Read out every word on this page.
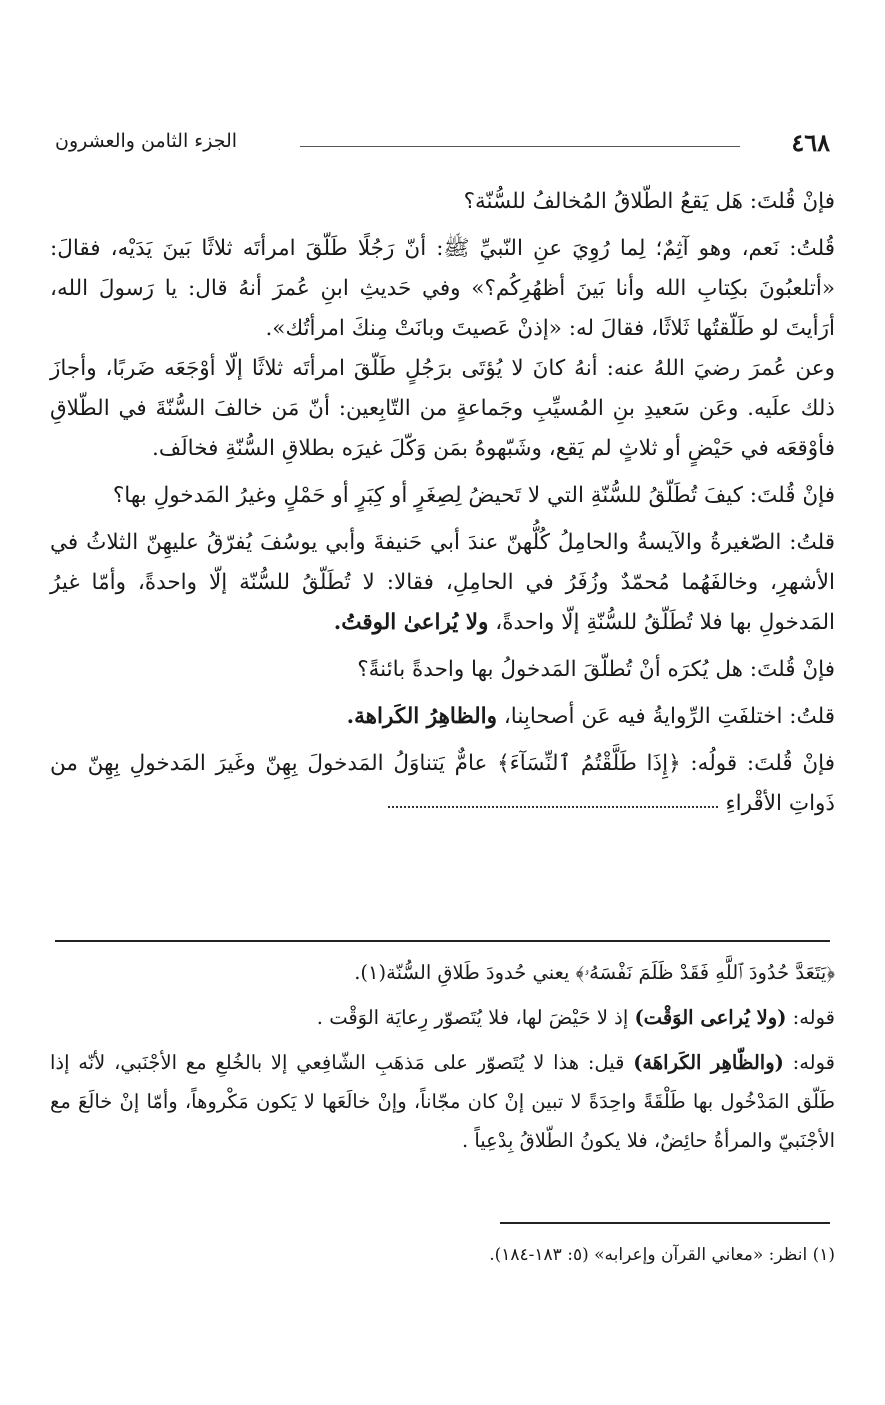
٤٦٨
الجزء الثامن والعشرون

فإنْ قُلتَ: هَل يَقعُ الطّلاقُ المُخالفُ للسُّنّة؟

قُلتُ: نَعم، وهو آثِمٌ؛ لِما رُوِيَ عنِ النّبيِّ ﷺ: أنّ رَجُلًا طَلّقَ امرأتَه ثلاثًا بَينَ يَدَيْه، فقالَ: «أتلعبُونَ بكِتابِ الله وأنا بَينَ أظهُرِكُم؟» وفي حَديثِ ابنِ عُمرَ أنهُ قال: يا رَسولَ الله، أرَأيتَ لو طَلّقتُها ثَلاثًا، فقالَ له: «إذنْ عَصيتَ وبانَتْ مِنكَ امرأتُك».

وعن عُمرَ رضيَ اللهُ عنه: أنهُ كانَ لا يُؤتَى برَجُلٍ طَلّقَ امرأتَه ثلاثًا إلّا أوْجَعَه ضَربًا، وأجازَ ذلك علَيه. وعَن سَعيدِ بنِ المُسيِّبِ وجَماعةٍ من التّابِعين: أنّ مَن خالفَ السُّنّةَ في الطّلاقِ فأوْقعَه في حَيْضٍ أو ثلاثٍ لم يَقع، وشَبّهوهُ بمَن وَكّلَ غيرَه بطلاقِ السُّنّةِ فخالَف.

فإنْ قُلتَ: كيفَ تُطَلّقُ للسُّنّةِ التي لا تَحيضُ لِصِغَرٍ أو كِبَرٍ أو حَمْلٍ وغيرُ المَدخولِ بها؟

قلتُ: الصّغيرةُ والآيسةُ والحامِلُ كُلُّهنّ عندَ أبي حَنيفةَ وأبي يوسُفَ يُفرّقُ عليهِنّ الثلاثُ في الأشهرِ، وخالفَهُما مُحمّدٌ وزُفَرُ في الحامِلِ، فقالا: لا تُطَلّقُ للسُّنّة إلّا واحدةً، وأمّا غيرُ المَدخولِ بها فلا تُطَلّقُ للسُّنّةِ إلّا واحدةً، ولا يُراعىٰ الوقتُ.

فإنْ قُلتَ: هل يُكرَه أنْ تُطلّقَ المَدخولُ بها واحدةً بائنةً؟

قلتُ: اختلفَتِ الرِّوايةُ فيه عَن أصحابِنا، والظاهِرُ الكَراهة.

فإنْ قُلتَ: قولُه: ﴿إِذَا طَلَّقْتُمُ ٱلنِّسَآءَ﴾ عامٌّ يَتناوَلُ المَدخولَ بِهِنّ وغَيرَ المَدخولِ بِهِنّ من ذَواتِ الأقْراءِ

﴿يَتَعَدَّ حُدُودَ ٱللَّهِ فَقَدْ ظَلَمَ نَفْسَهُۥ﴾ يعني حُدودَ طَلاقِ السُّنّة(١).

قوله: (ولا يُراعى الوَقْت) إذ لا حَيْضَ لها، فلا يُتَصوّر رِعايَة الوَقْت .

قوله: (والظّاهِر الكَراهَة) قيل: هذا لا يُتَصوّر على مَذهَبِ الشّافِعي إلا بالخُلعِ مع الأجْنَبي، لأنّه إذا طَلّق المَدْخُول بها طَلْقَةً واحِدَةً لا تبين إنْ كان مجّاناً، وإنْ خالَعَها لا يَكون مَكْروهاً، وأمّا إنْ خالَعَ مع الأجْنَبيّ والمرأةُ حائِضٌ، فلا يكونُ الطّلاقُ بِدْعِياً .

(١) انظر: «معاني القرآن وإعرابه» (٥: ١٨٣-١٨٤).
